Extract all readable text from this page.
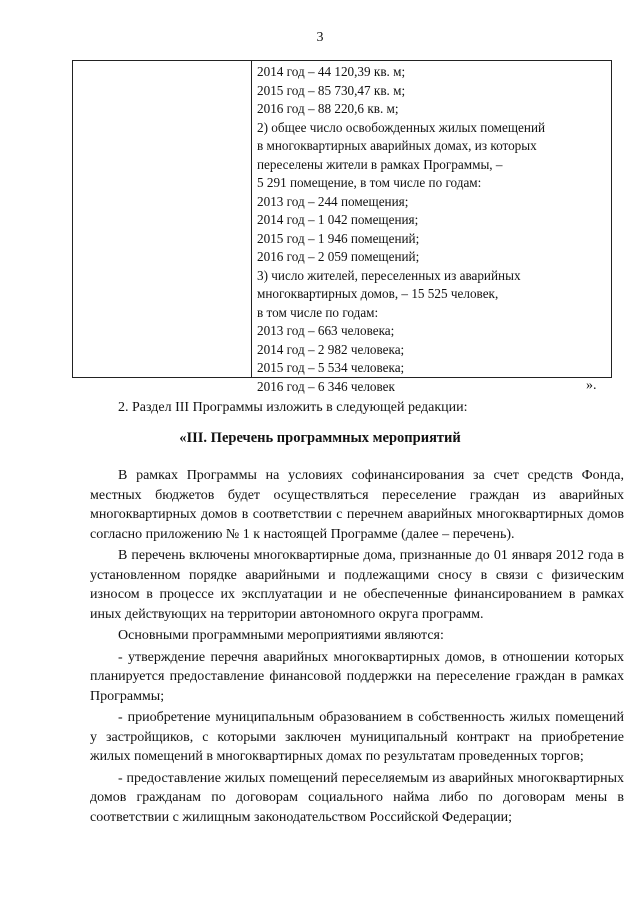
3
2014 год – 44 120,39 кв. м;
2015 год – 85 730,47 кв. м;
2016 год – 88 220,6 кв. м;
2) общее число освобожденных жилых помещений
в многоквартирных аварийных домах, из которых
переселены жители в рамках Программы, –
5 291 помещение, в том числе по годам:
2013 год – 244 помещения;
2014 год – 1 042 помещения;
2015 год – 1 946 помещений;
2016 год – 2 059 помещений;
3) число жителей, переселенных из аварийных
многоквартирных домов, – 15 525 человек,
в том числе по годам:
2013 год – 663 человека;
2014 год – 2 982 человека;
2015 год – 5 534 человека;
2016 год – 6 346 человек	».
2. Раздел III Программы изложить в следующей редакции:
«III. Перечень программных мероприятий

В рамках Программы на условиях софинансирования за счет средств Фонда, местных бюджетов будет осуществляться переселение граждан из аварийных многоквартирных домов в соответствии с перечнем аварийных многоквартирных домов согласно приложению № 1 к настоящей Программе (далее – перечень).

В перечень включены многоквартирные дома, признанные до 01 января 2012 года в установленном порядке аварийными и подлежащими сносу в связи с физическим износом в процессе их эксплуатации и не обеспеченные финансированием в рамках иных действующих на территории автономного округа программ.

Основными программными мероприятиями являются:

- утверждение перечня аварийных многоквартирных домов, в отношении которых планируется предоставление финансовой поддержки на переселение граждан в рамках Программы;

- приобретение муниципальным образованием в собственность жилых помещений у застройщиков, с которыми заключен муниципальный контракт на приобретение жилых помещений в многоквартирных домах по результатам проведенных торгов;

- предоставление жилых помещений переселяемым из аварийных многоквартирных домов гражданам по договорам социального найма либо по договорам мены в соответствии с жилищным законодательством Российской Федерации;
